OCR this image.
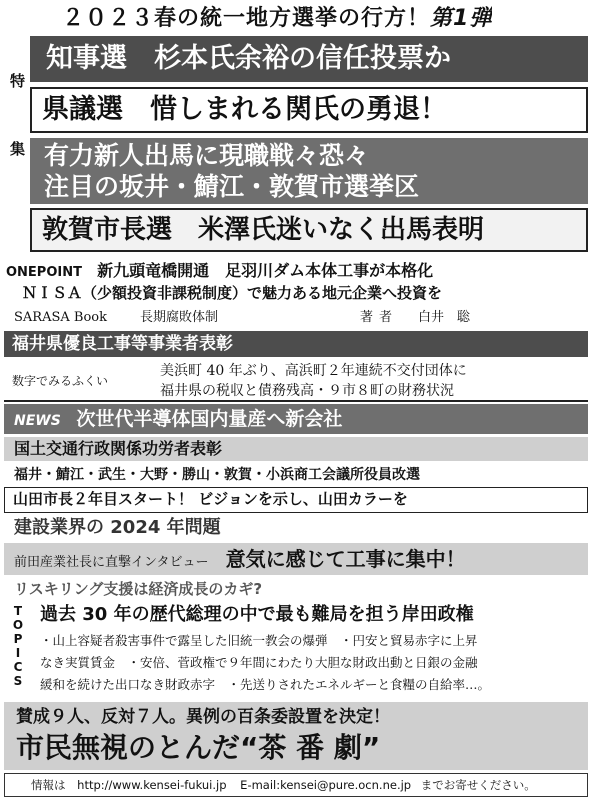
特
集
２０２３春の統一地方選挙の行方！第1弾
知事選　杉本氏余裕の信任投票か
県議選　惜しまれる関氏の勇退！
有力新人出馬に現職戦々恐々
注目の坂井・鯖江・敦賀市選挙区
敦賀市長選　米澤氏迷いなく出馬表明
ONEPOINT 新九頭竜橋開通　足羽川ダム本体工事が本格化
ＮＩＳＡ（少額投資非課税制度）で魅力ある地元企業へ投資を
SARASA Book	長期腐敗体制	著者 白井　聡
福井県優良工事等事業者表彰
数字でみるふくい
美浜町 40 年ぶり、高浜町２年連続不交付団体に
福井県の税収と債務残高・９市８町の財務状況
NEWS 次世代半導体国内量産へ新会社
国土交通行政関係功労者表彰
福井・鯖江・武生・大野・勝山・敦賀・小浜商工会議所役員改選
山田市長２年目スタート！ ビジョンを示し、山田カラーを
建設業界の 2024 年問題
前田産業社長に直撃インタビュー 意気に感じて工事に集中！
リスキリング支援は経済成長のカギ?
TOPICS 過去 30 年の歴代総理の中で最も難局を担う岸田政権
・山上容疑者殺害事件で露呈した旧統一教会の爆弾　・円安と貿易赤字に上昇
なき実質賃金　・安倍、菅政権で９年間にわたり大胆な財政出動と日銀の金融
緩和を続けた出口なき財政赤字　・先送りされたエネルギーと食糧の自給率…。
賛成９人、反対７人。異例の百条委設置を決定！
市民無視のとんだ“茶 番 劇”
情報は http://www.kensei-fukui.jp E-mail:kensei@pure.ocn.ne.jp までお寄せください。
